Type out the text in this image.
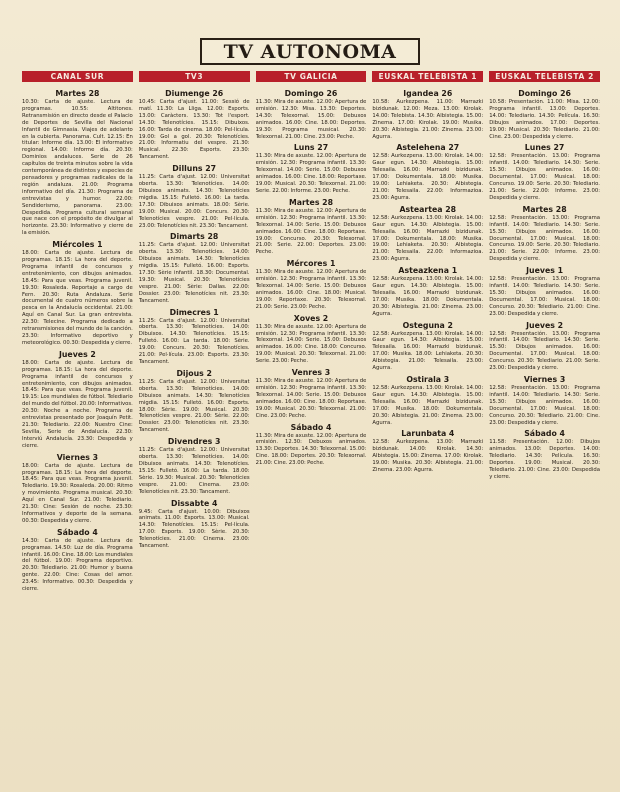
TV AUTONOMA
CANAL SUR
Martes 28

10.30: Carta de ajuste. Lectura de programas. 10.55: Altitones. Retransmisión en directo desde el Palacio de Deportes de Sevilla del Nacional Infantil de Gimnasia. Viajes de adelanto en la cubierta. Panorama. Cult. 12.15: En titular: Informe día. 13.00: El informativo regional. 14.00: Informe día. 20.30: Dominios andaluces. Serie de 26 capítulos de treinta minutos sobre la vida contemporánea de distintos y especies de pensadores y programas radicales de la región andaluza. 21.00: Programa informativo del día. 21.30: Programa de entrevistas y humor. 22.00: Sendiderismo, panorama. 23.00: Despedida. Programa cultural semanal que nace con el propósito de divulgar al horizonte. 23.30: Informativo y cierre de la emisión.

Miércoles 1

18.00: Carta de ajuste. Lectura de programas. 18.15: La hora del deporte. Programa infantil de concursos y entretenimiento, con dibujos animados. 18.45: Para que veas. Programa juvenil. 19.30: Rosaleda. Reportaje a cargo de Fern. 20.30: Ruta Andaluza. Serie documental de cuatro números sobre la pesca en la Andalucía occidental. 21.00: Aquí en Canal Sur. La gran entrevista. 22.30: Telecine. Programa dedicado a retransmisiones del mundo de la canción. 23.30: Informativo deportivo y meteorológico. 00.30: Despedida y cierre.

Jueves 2

18.00: Carta de ajuste. Lectura de programas. 18.15: La hora del deporte. Programa infantil de concursos y entretenimiento, con dibujos animados. 18.45: Para que veas. Programa juvenil. 19.15: Los mundiales de fútbol. Telediario del mundo del fútbol. 20.00: Informativos. 20.30: Noche a noche. Programa de entrevistas presentado por Joaquín Petit. 21.30: Telediario. 22.00: Nuestro Cine: Sevilla, Serie de Andalucía. 22.30: Interviú Andalucía. 23.30: Despedida y cierre.

Viernes 3

18.00: Carta de ajuste. Lectura de programas. 18.15: La hora del deporte. 18.45: Para que veas. Programa juvenil. Telediario. 19.30: Rosaleda. 20.00: Ritmo y movimiento. Programa musical. 20.30: Aquí en Canal Sur. 21.00: Telediario. 21.30: Cine: Sesión de noche. 23.30: Informativos y deporte de la semana. 00.30: Despedida y cierre.

Sábado 4

14.30: Carta de ajuste. Lectura de programas. 14.50: Luz de día. Programa infantil. 16.00: Cine. 18.00: Los mundiales del fútbol. 19.00: Programa deportivo. 20.30: Telediario. 21.00: Humor y buena gente. 22.00: Cine: Cosas del amor. 23.45: Informativo. 00.30: Despedida y cierre.

TV3
Diumenge 26

10.45: Carta d'ajust. 11.00: Sessió de matí. 11.30: La Lliga. 12.00: Esports. 13.00: Caràcters. 13.30: Tot l'esport. 14.30: Telenotícies. 15.15: Dibuixos. 16.00: Tarda de cinema. 18.00: Pel·lícula. 19.00: Gol a gol. 20.30: Telenotícies. 21.00: Informatiu del vespre. 21.30: Musical. 22.30: Esports. 23.30: Tancament.

Dilluns 27

11.25: Carta d'ajust. 12.00: Universitat oberta. 13.30: Telenotícies. 14.00: Dibuixos animats. 14.30: Telenotícies migdia. 15.15: Fulletó. 16.00: La tarda. 17.30: Dibuixos animats. 18.00: Sèrie. 19.00: Musical. 20.00: Concurs. 20.30: Telenotícies vespre. 21.00: Pel·lícula. 23.00: Telenotícies nit. 23.30: Tancament.

Dimarts 28

11.25: Carta d'ajust. 12.00: Universitat oberta. 13.30: Telenotícies. 14.00: Dibuixos animats. 14.30: Telenotícies migdia. 15.15: Fulletó. 16.00: Esports. 17.30: Sèrie infantil. 18.30: Documental. 19.30: Musical. 20.30: Telenotícies vespre. 21.00: Sèrie: Dallas. 22.00: Dossier. 23.00: Telenotícies nit. 23.30: Tancament.

Dimecres 1

11.25: Carta d'ajust. 12.00: Universitat oberta. 13.30: Telenotícies. 14.00: Dibuixos. 14.30: Telenotícies. 15.15: Fulletó. 16.00: La tarda. 18.00: Sèrie. 19.00: Concurs. 20.30: Telenotícies. 21.00: Pel·lícula. 23.00: Esports. 23.30: Tancament.

Dijous 2

11.25: Carta d'ajust. 12.00: Universitat oberta. 13.30: Telenotícies. 14.00: Dibuixos animats. 14.30: Telenotícies migdia. 15.15: Fulletó. 16.00: Esports. 18.00: Sèrie. 19.00: Musical. 20.30: Telenotícies vespre. 21.00: Sèrie. 22.00: Dossier. 23.00: Telenotícies nit. 23.30: Tancament.

Divendres 3

11.25: Carta d'ajust. 12.00: Universitat oberta. 13.30: Telenotícies. 14.00: Dibuixos animats. 14.30: Telenotícies. 15.15: Fulletó. 16.00: La tarda. 18.00: Sèrie. 19.30: Musical. 20.30: Telenotícies vespre. 21.00: Cinema. 23.00: Telenotícies nit. 23.30: Tancament.

Dissabte 4

9.45: Carta d'ajust. 10.00: Dibuixos animats. 11.00: Esports. 13.00: Musical. 14.30: Telenotícies. 15.15: Pel·lícula. 17.00: Esports. 19.00: Sèrie. 20.30: Telenotícies. 21.00: Cinema. 23.00: Tancament.

TV GALICIA
Domingo 26

11.30: Mira de axuste. 12.00: Apertura de emisión. 12.30: Misa. 13.30: Deportes. 14.30: Telexornal. 15.00: Debuxos animados. 16.00: Cine. 18.00: Deportes. 19.30: Programa musical. 20.30: Telexornal. 21.00: Cine. 23.00: Peche.

Luns 27

11.30: Mira de axuste. 12.00: Apertura de emisión. 12.30: Programa infantil. 13.30: Telexornal. 14.00: Serie. 15.00: Debuxos animados. 16.00: Cine. 18.00: Reportaxe. 19.00: Musical. 20.30: Telexornal. 21.00: Serie. 22.00: Informe. 23.00: Peche.

Martes 28

11.30: Mira de axuste. 12.00: Apertura de emisión. 12.30: Programa infantil. 13.30: Telexornal. 14.00: Serie. 15.00: Debuxos animados. 16.00: Cine. 18.00: Reportaxe. 19.00: Concurso. 20.30: Telexornal. 21.00: Serie. 22.00: Deportes. 23.00: Peche.

Mércores 1

11.30: Mira de axuste. 12.00: Apertura de emisión. 12.30: Programa infantil. 13.30: Telexornal. 14.00: Serie. 15.00: Debuxos animados. 16.00: Cine. 18.00: Musical. 19.00: Reportaxe. 20.30: Telexornal. 21.00: Serie. 23.00: Peche.

Xoves 2

11.30: Mira de axuste. 12.00: Apertura de emisión. 12.30: Programa infantil. 13.30: Telexornal. 14.00: Serie. 15.00: Debuxos animados. 16.00: Cine. 18.00: Concurso. 19.00: Musical. 20.30: Telexornal. 21.00: Serie. 23.00: Peche.

Venres 3

11.30: Mira de axuste. 12.00: Apertura de emisión. 12.30: Programa infantil. 13.30: Telexornal. 14.00: Serie. 15.00: Debuxos animados. 16.00: Cine. 18.00: Reportaxe. 19.00: Musical. 20.30: Telexornal. 21.00: Cine. 23.00: Peche.

Sábado 4

11.30: Mira de axuste. 12.00: Apertura de emisión. 12.30: Debuxos animados. 13.30: Deportes. 14.30: Telexornal. 15.00: Cine. 18.00: Deportes. 20.30: Telexornal. 21.00: Cine. 23.00: Peche.

EUSKAL TELEBISTA 1
Igandea 26

10.58: Aurkezpena. 11.00: Marrazki bizidunak. 12.00: Meza. 13.00: Kirolak. 14.00: Telebista. 14.30: Albistegia. 15.00: Zinema. 17.00: Kirolak. 19.00: Musika. 20.30: Albistegia. 21.00: Zinema. 23.00: Agurra.

Astelehena 27

12.58: Aurkezpena. 13.00: Kirolak. 14.00: Gaur egun. 14.30: Albistegia. 15.00: Telesaila. 16.00: Marrazki bizidunak. 17.00: Dokumentala. 18.00: Musika. 19.00: Lehiaketa. 20.30: Albistegia. 21.00: Telesaila. 22.00: Informazioa. 23.00: Agurra.

Asteartea 28

12.58: Aurkezpena. 13.00: Kirolak. 14.00: Gaur egun. 14.30: Albistegia. 15.00: Telesaila. 16.00: Marrazki bizidunak. 17.00: Dokumentala. 18.00: Musika. 19.00: Lehiaketa. 20.30: Albistegia. 21.00: Telesaila. 22.00: Informazioa. 23.00: Agurra.

Asteazkena 1

12.58: Aurkezpena. 13.00: Kirolak. 14.00: Gaur egun. 14.30: Albistegia. 15.00: Telesaila. 16.00: Marrazki bizidunak. 17.00: Musika. 18.00: Dokumentala. 20.30: Albistegia. 21.00: Zinema. 23.00: Agurra.

Osteguna 2

12.58: Aurkezpena. 13.00: Kirolak. 14.00: Gaur egun. 14.30: Albistegia. 15.00: Telesaila. 16.00: Marrazki bizidunak. 17.00: Musika. 18.00: Lehiaketa. 20.30: Albistegia. 21.00: Telesaila. 23.00: Agurra.

Ostirala 3

12.58: Aurkezpena. 13.00: Kirolak. 14.00: Gaur egun. 14.30: Albistegia. 15.00: Telesaila. 16.00: Marrazki bizidunak. 17.00: Musika. 18.00: Dokumentala. 20.30: Albistegia. 21.00: Zinema. 23.00: Agurra.

Larunbata 4

12.58: Aurkezpena. 13.00: Marrazki bizidunak. 14.00: Kirolak. 14.30: Albistegia. 15.00: Zinema. 17.00: Kirolak. 19.00: Musika. 20.30: Albistegia. 21.00: Zinema. 23.00: Agurra.

EUSKAL TELEBISTA 2
Domingo 26

10.58: Presentación. 11.00: Misa. 12.00: Programa infantil. 13.00: Deportes. 14.00: Telediario. 14.30: Película. 16.30: Dibujos animados. 17.00: Deportes. 19.00: Musical. 20.30: Telediario. 21.00: Cine. 23.00: Despedida y cierre.

Lunes 27

12.58: Presentación. 13.00: Programa infantil. 14.00: Telediario. 14.30: Serie. 15.30: Dibujos animados. 16.00: Documental. 17.00: Musical. 18.00: Concurso. 19.00: Serie. 20.30: Telediario. 21.00: Serie. 22.00: Informe. 23.00: Despedida y cierre.

Martes 28

12.58: Presentación. 13.00: Programa infantil. 14.00: Telediario. 14.30: Serie. 15.30: Dibujos animados. 16.00: Documental. 17.00: Musical. 18.00: Concurso. 19.00: Serie. 20.30: Telediario. 21.00: Serie. 22.00: Informe. 23.00: Despedida y cierre.

Jueves 1

12.58: Presentación. 13.00: Programa infantil. 14.00: Telediario. 14.30: Serie. 15.30: Dibujos animados. 16.00: Documental. 17.00: Musical. 18.00: Concurso. 20.30: Telediario. 21.00: Cine. 23.00: Despedida y cierre.

Jueves 2

12.58: Presentación. 13.00: Programa infantil. 14.00: Telediario. 14.30: Serie. 15.30: Dibujos animados. 16.00: Documental. 17.00: Musical. 18.00: Concurso. 20.30: Telediario. 21.00: Serie. 23.00: Despedida y cierre.

Viernes 3

12.58: Presentación. 13.00: Programa infantil. 14.00: Telediario. 14.30: Serie. 15.30: Dibujos animados. 16.00: Documental. 17.00: Musical. 18.00: Concurso. 20.30: Telediario. 21.00: Cine. 23.00: Despedida y cierre.

Sábado 4

11.58: Presentación. 12.00: Dibujos animados. 13.00: Deportes. 14.00: Telediario. 14.30: Película. 16.30: Deportes. 19.00: Musical. 20.30: Telediario. 21.00: Cine. 23.00: Despedida y cierre.
